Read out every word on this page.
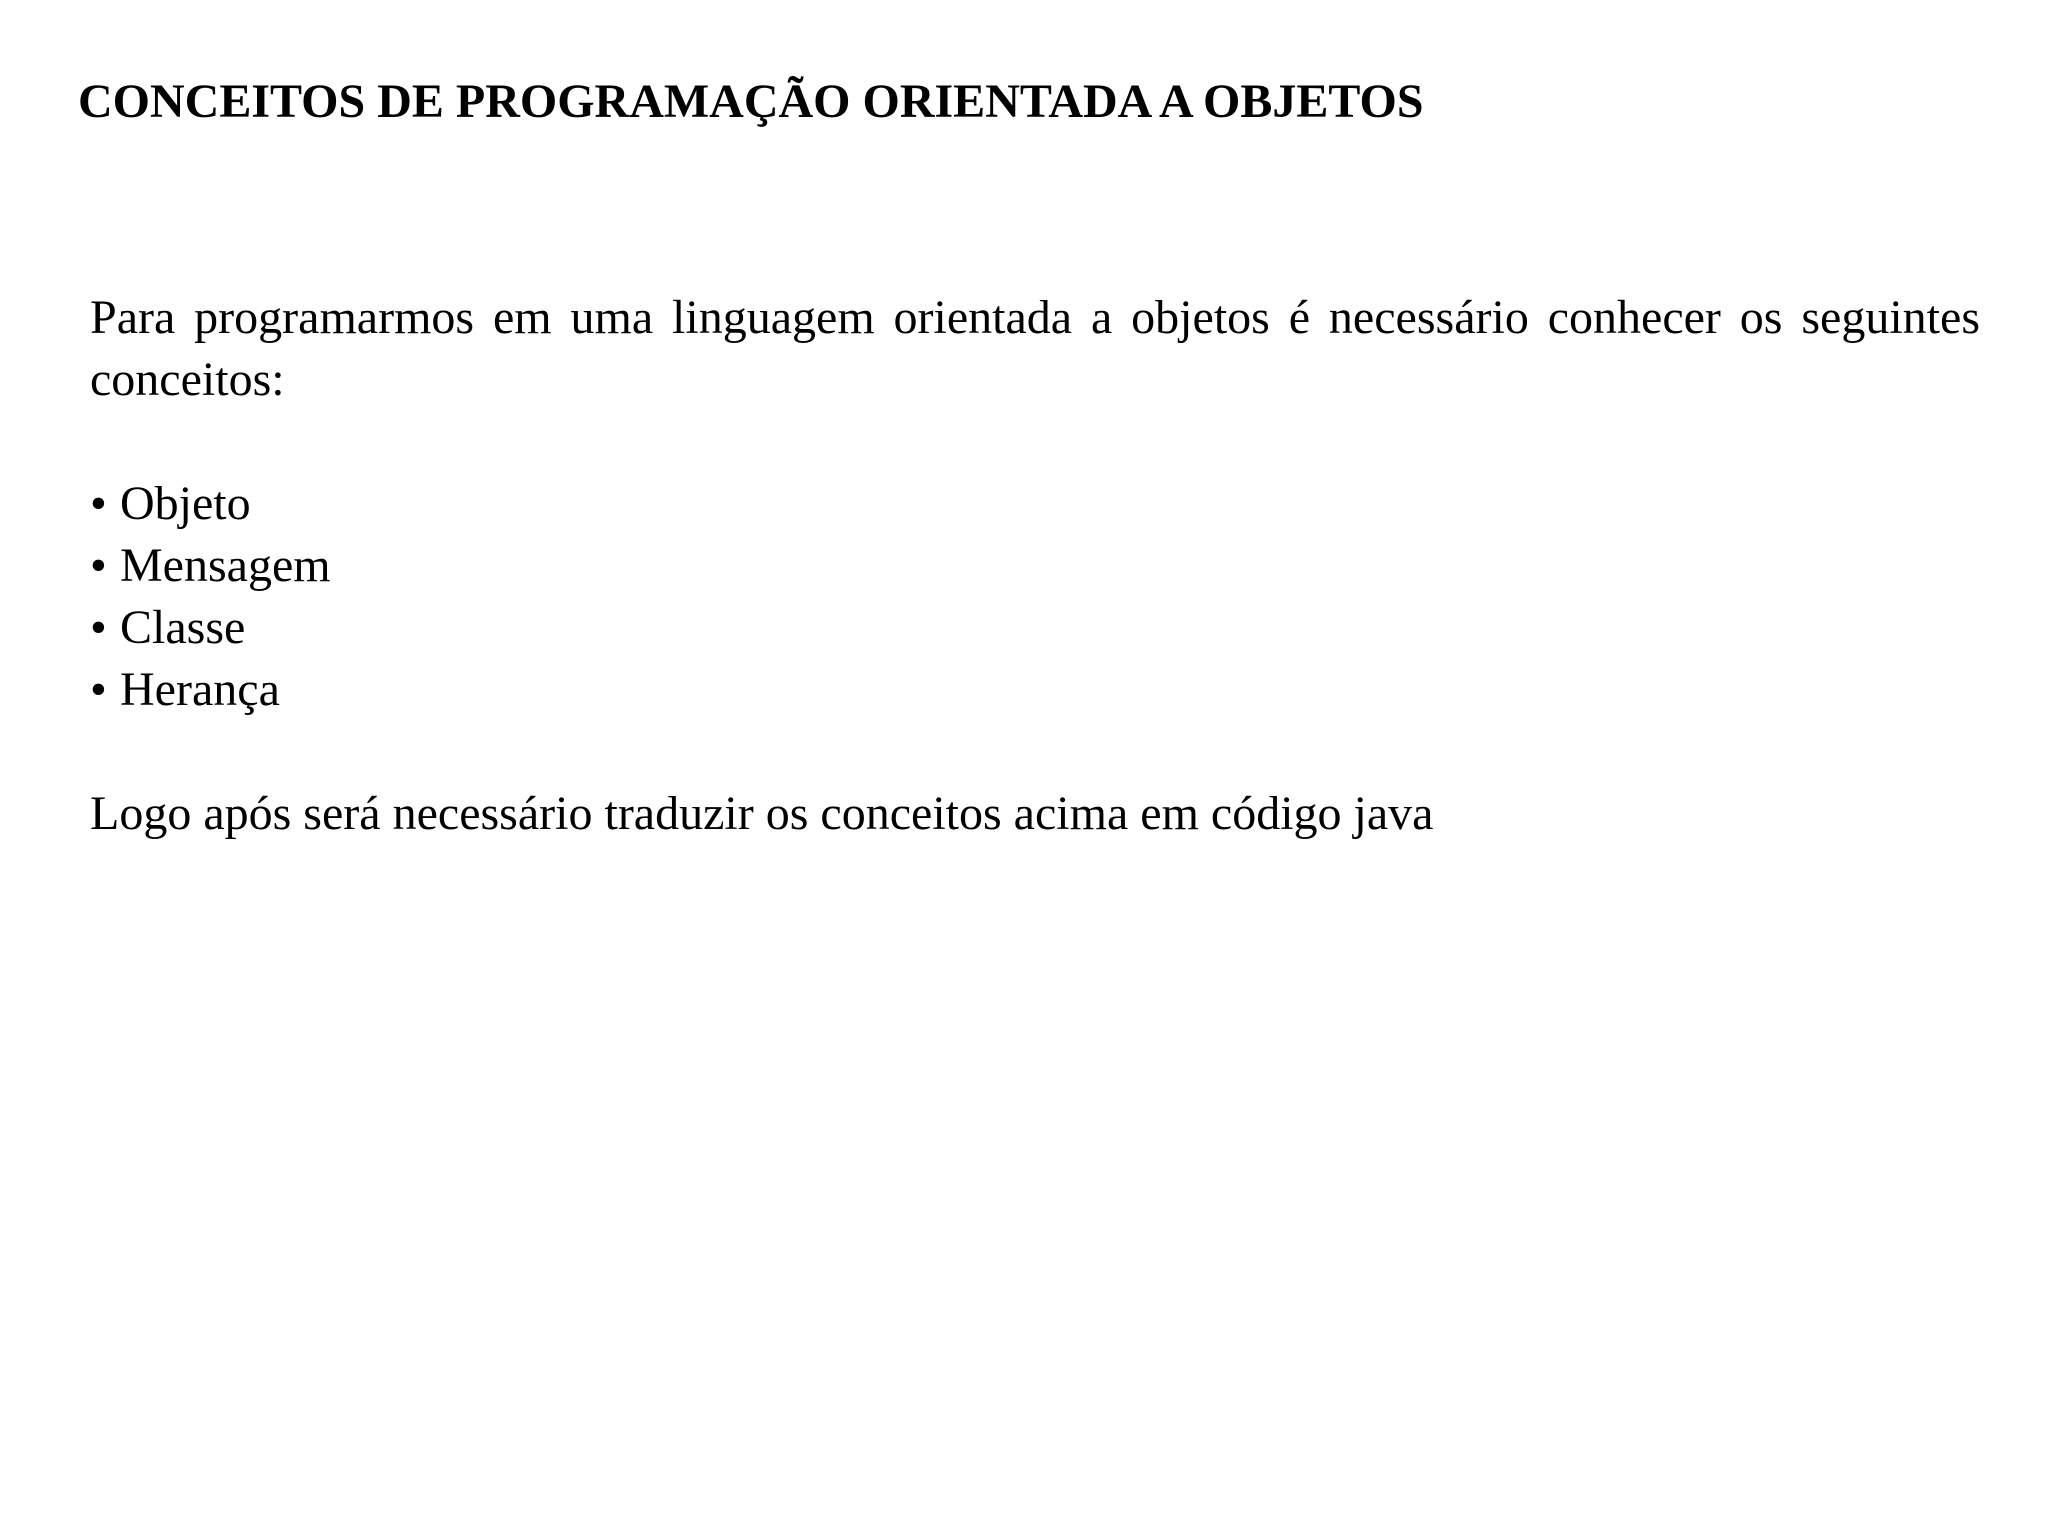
CONCEITOS DE PROGRAMAÇÃO ORIENTADA A OBJETOS

Para programarmos em uma linguagem orientada a objetos é necessário conhecer os seguintes conceitos:

• Objeto
• Mensagem
• Classe
• Herança

Logo após será necessário traduzir os conceitos acima em código java
